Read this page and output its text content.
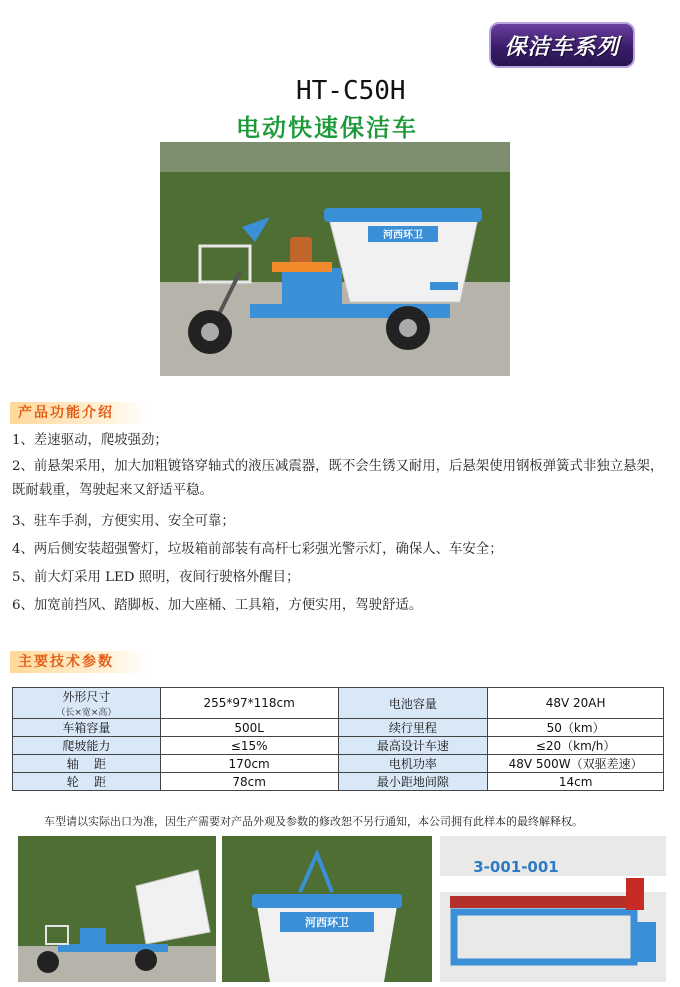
保洁车系列
HT-C50H
电动快速保洁车
河西环卫
产品功能介绍
1、差速驱动，爬坡强劲；
2、前悬架采用，加大加粗镀铬穿轴式的液压减震器，既不会生锈又耐用，后悬架使用钢板弹簧式非独立悬架，既耐载重，驾驶起来又舒适平稳。
3、驻车手刹，方便实用、安全可靠；
4、两后侧安装超强警灯，垃圾箱前部装有高杆七彩强光警示灯，确保人、车安全；
5、前大灯采用 LED 照明，夜间行驶格外醒目；
6、加宽前挡风、踏脚板、加大座桶、工具箱，方便实用，驾驶舒适。
主要技术参数
外形尺寸
（长×宽×高）	255*97*118cm	电池容量	48V 20AH
车箱容量	500L	续行里程	50（km）
爬坡能力	≤15%	最高设计车速	≤20（km/h）
轴    距	170cm	电机功率	48V 500W（双驱差速）
轮    距	78cm	最小距地间隙	14cm
车型请以实际出口为准，因生产需要对产品外观及参数的修改恕不另行通知，本公司拥有此样本的最终解释权。
河西环卫
3-001-001
